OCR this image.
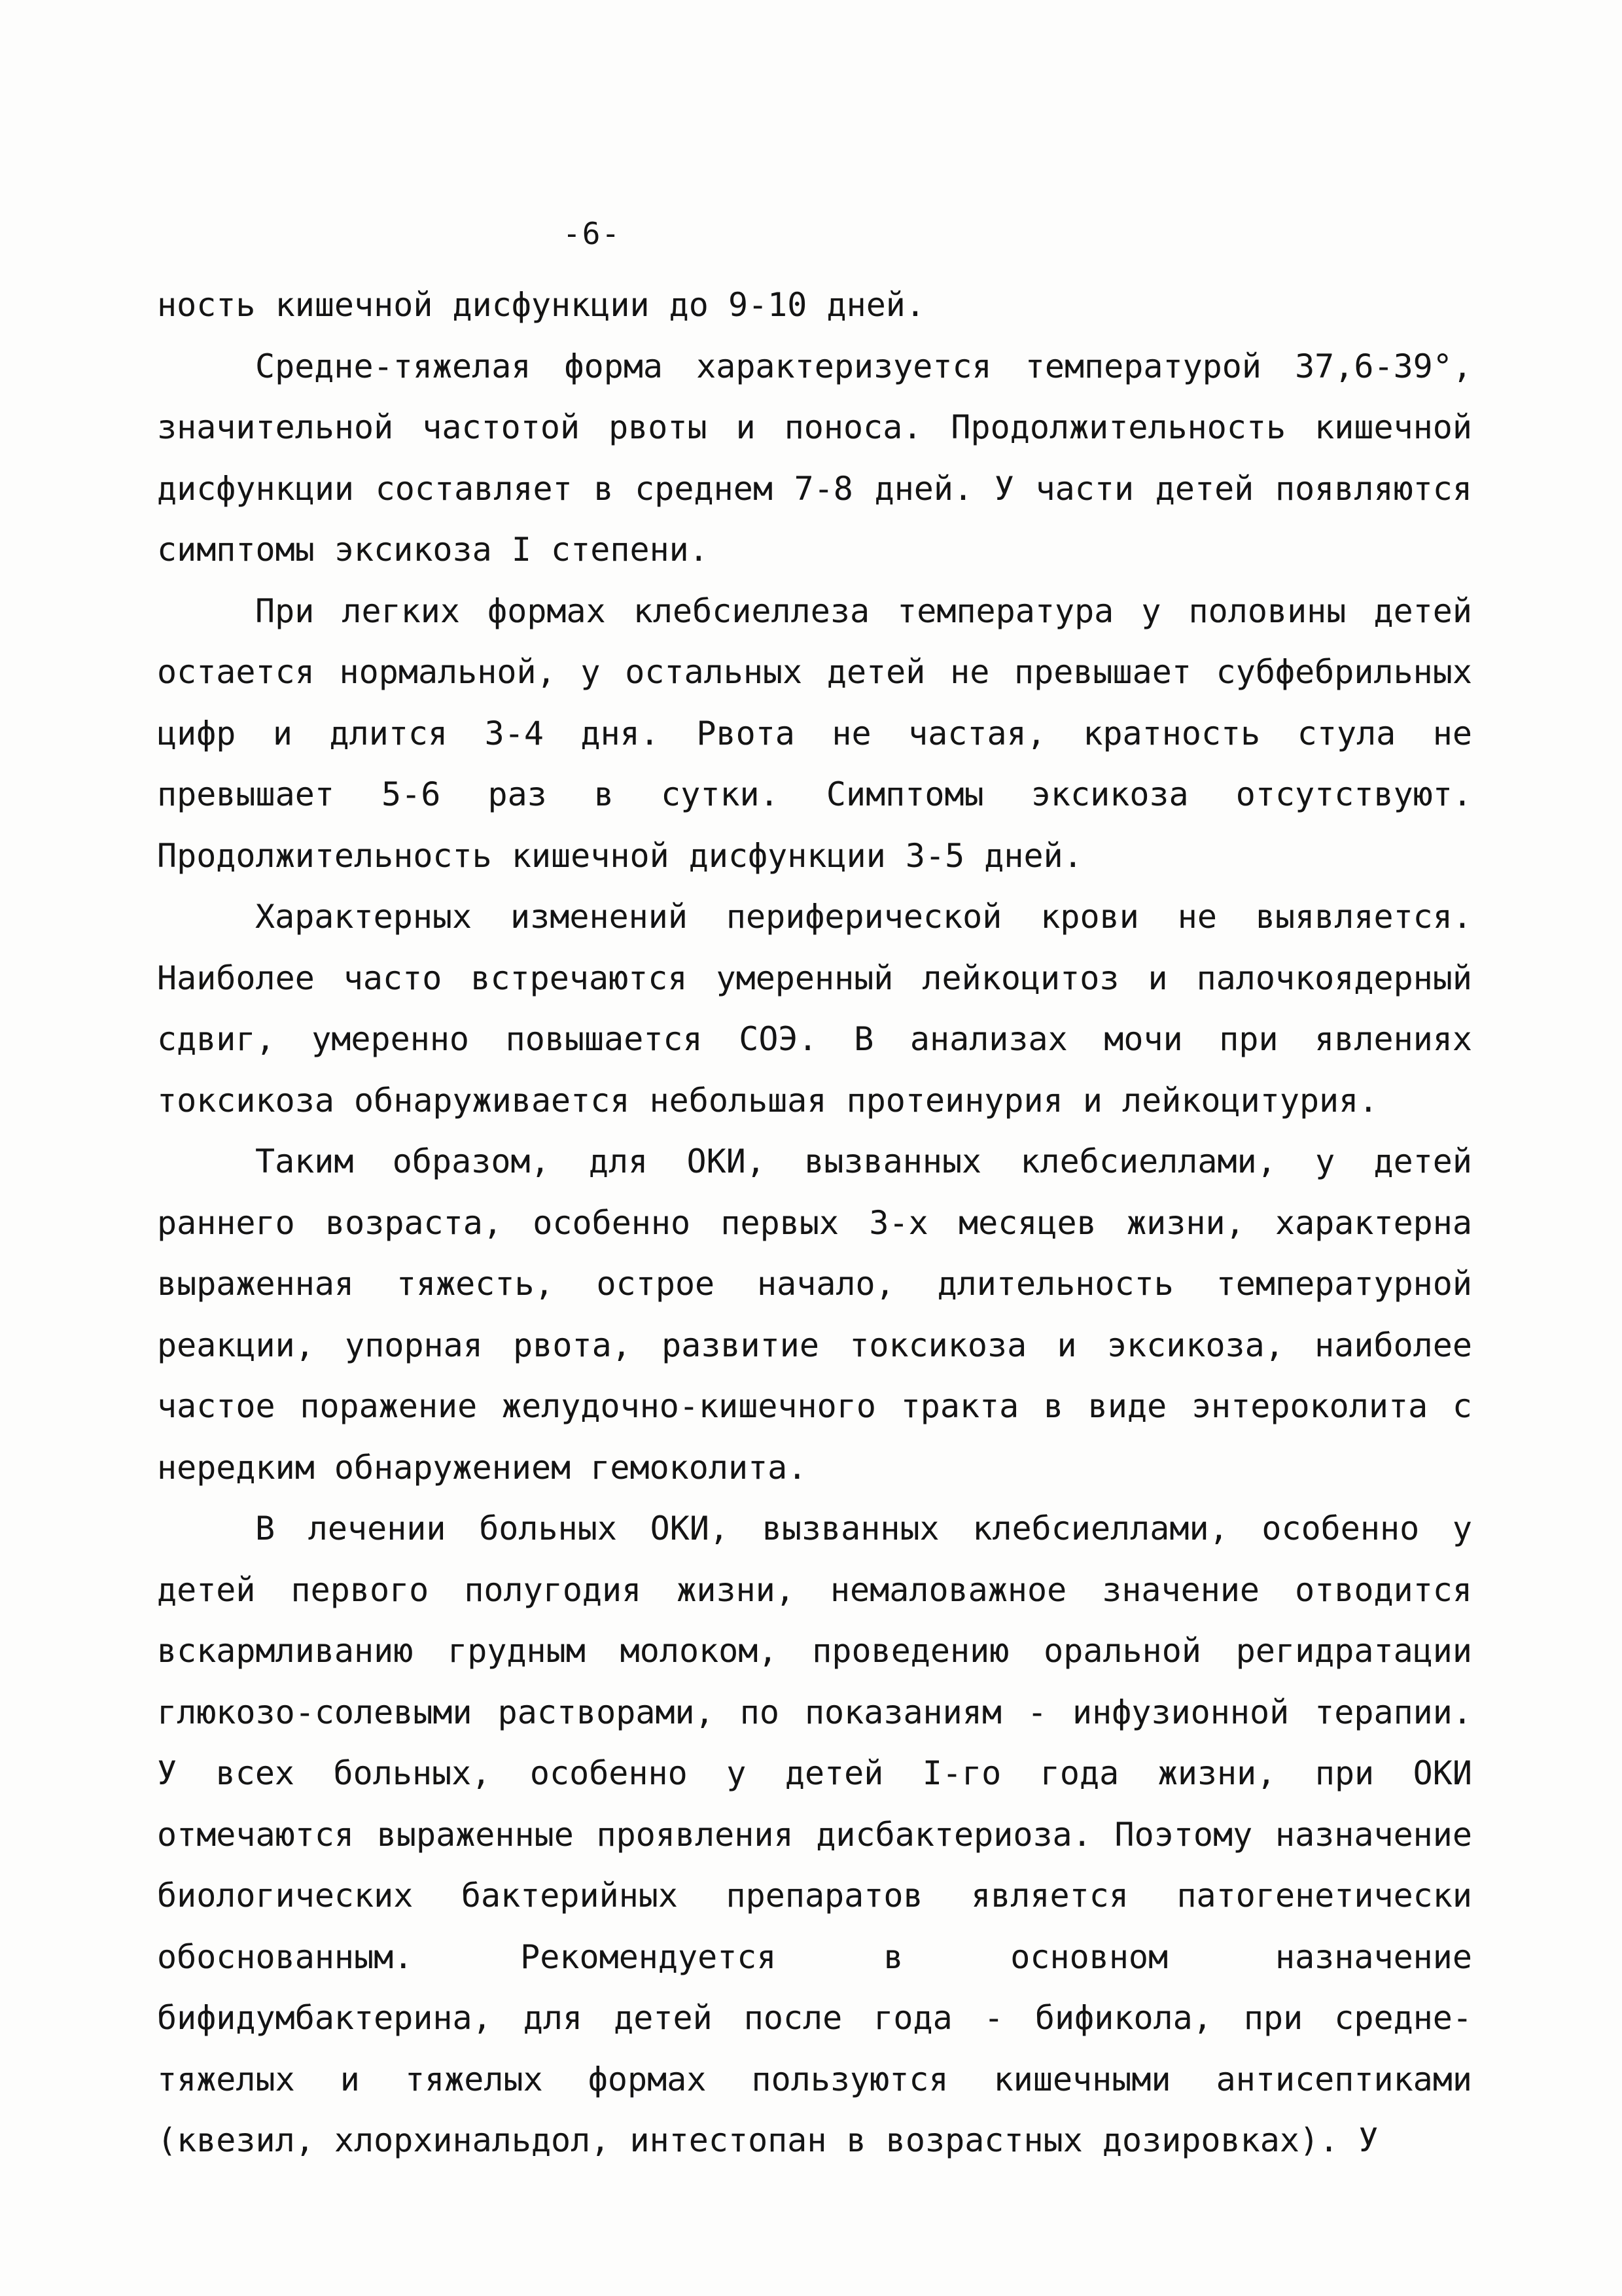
-6-

ность кишечной дисфункции до 9-10 дней.

Средне-тяжелая форма характеризуется температурой 37,6-39°, значительной частотой рвоты и поноса. Продолжительность кишечной дисфункции составляет в среднем 7-8 дней. У части детей появляются симптомы эксикоза I степени.

При легких формах клебсиеллеза температура у половины детей остается нормальной, у остальных детей не превышает субфебрильных цифр и длится 3-4 дня. Рвота не частая, кратность стула не превышает 5-6 раз в сутки. Симптомы эксикоза отсутствуют. Продолжительность кишечной дисфункции 3-5 дней.

Характерных изменений периферической крови не выявляется. Наиболее часто встречаются умеренный лейкоцитоз и палочкоядерный сдвиг, умеренно повышается СОЭ. В анализах мочи при явлениях токсикоза обнаруживается небольшая протеинурия и лейкоцитурия.

Таким образом, для ОКИ, вызванных клебсиеллами, у детей раннего возраста, особенно первых 3-х месяцев жизни, характерна выраженная тяжесть, острое начало, длительность температурной реакции, упорная рвота, развитие токсикоза и эксикоза, наиболее частое поражение желудочно-кишечного тракта в виде энтероколита с нередким обнаружением гемоколита.

В лечении больных ОКИ, вызванных клебсиеллами, особенно у детей первого полугодия жизни, немаловажное значение отводится вскармливанию грудным молоком, проведению оральной регидратации глюкозо-солевыми растворами, по показаниям - инфузионной терапии. У всех больных, особенно у детей I-го года жизни, при ОКИ отмечаются выраженные проявления дисбактериоза. Поэтому назначение биологических бактерийных препаратов является патогенетически обоснованным. Рекомендуется в основном назначение бифидумбактерина, для детей после года - бификола, при средне-тяжелых и тяжелых формах пользуются кишечными антисептиками (квезил, хлорхинальдол, интестопан в возрастных дозировках). У
